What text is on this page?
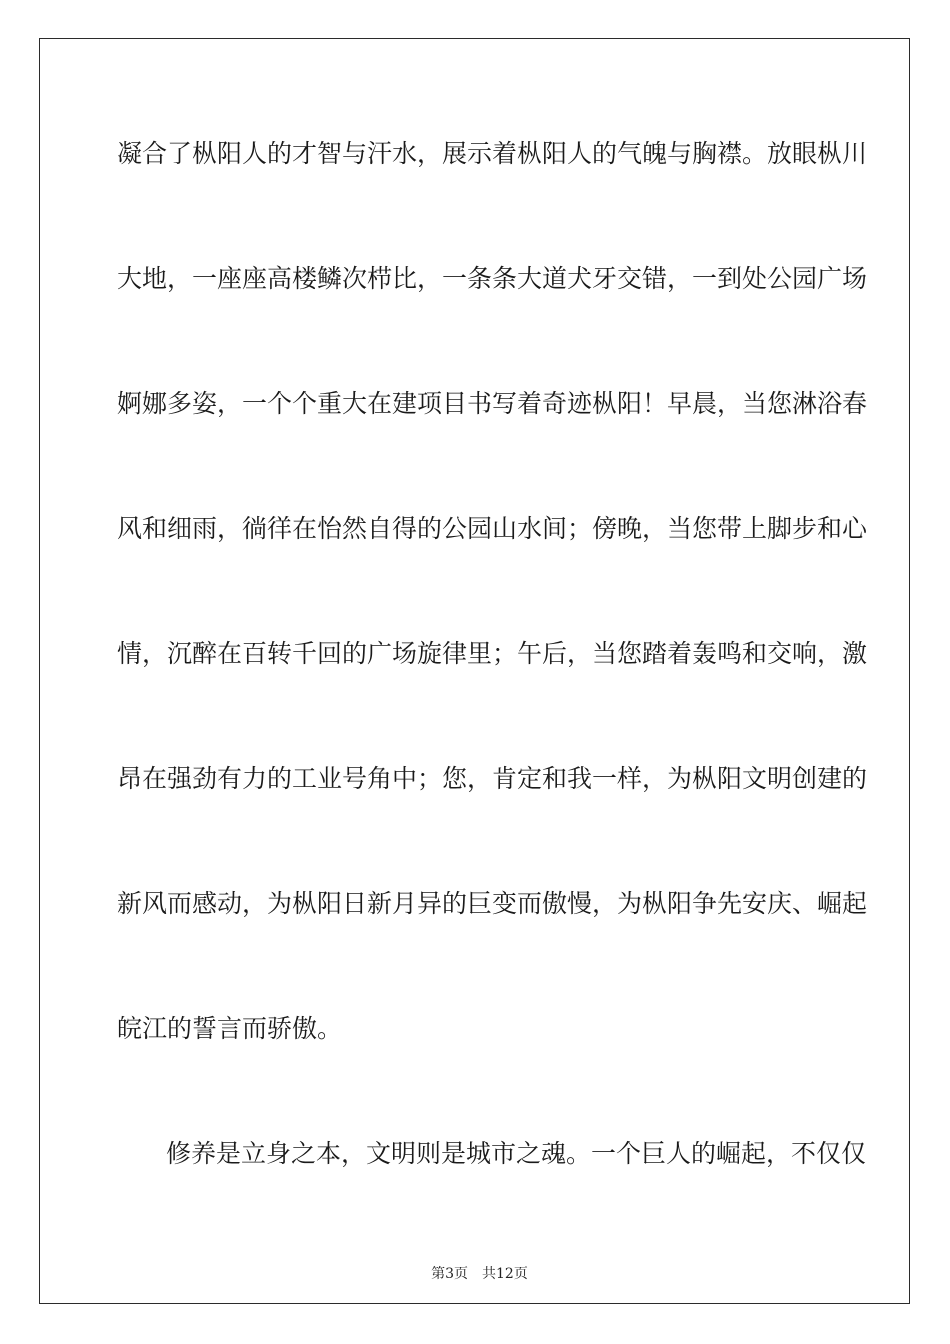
凝合了枞阳人的才智与汗水，展示着枞阳人的气魄与胸襟。放眼枞川
大地，一座座高楼鳞次栉比，一条条大道犬牙交错，一到处公园广场
婀娜多姿，一个个重大在建项目书写着奇迹枞阳！早晨，当您淋浴春
风和细雨，徜徉在怡然自得的公园山水间；傍晚，当您带上脚步和心
情，沉醉在百转千回的广场旋律里；午后，当您踏着轰鸣和交响，激
昂在强劲有力的工业号角中；您，肯定和我一样，为枞阳文明创建的
新风而感动，为枞阳日新月异的巨变而傲慢，为枞阳争先安庆、崛起
皖江的誓言而骄傲。
修养是立身之本，文明则是城市之魂。一个巨人的崛起，不仅仅

第3页 共12页
